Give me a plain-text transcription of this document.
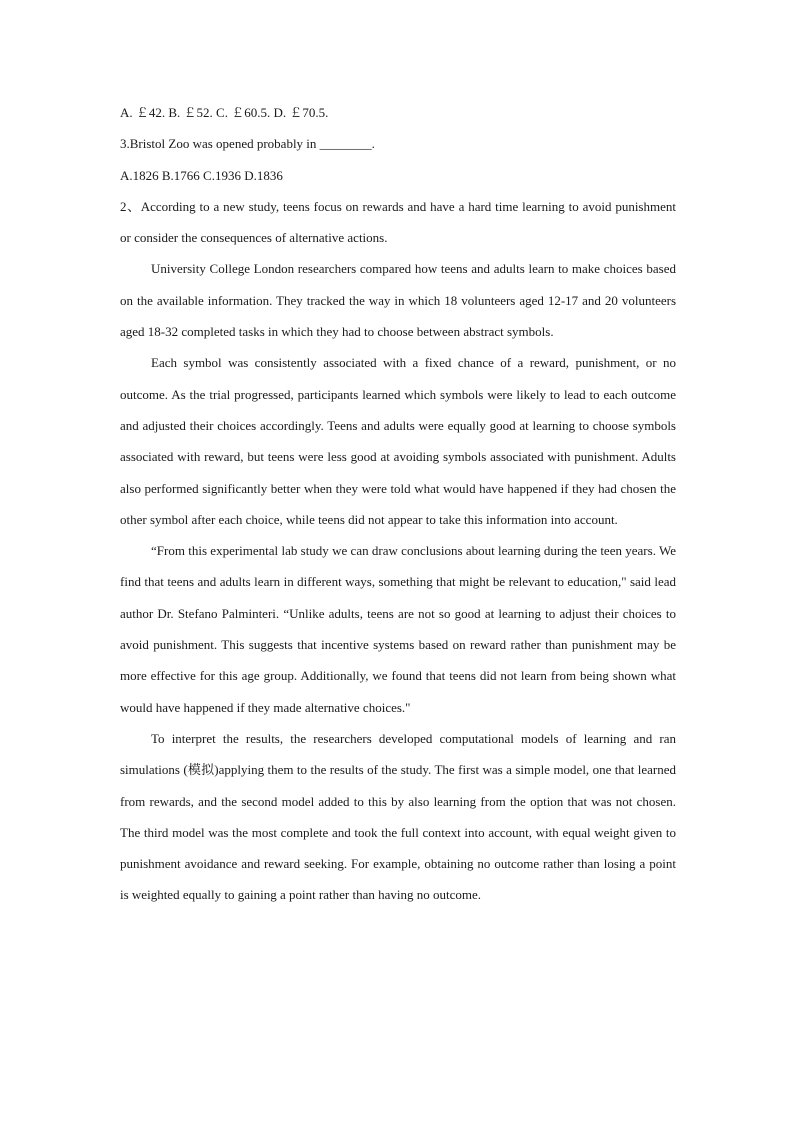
A. ￡42. B. ￡52. C. ￡60.5. D. ￡70.5.

3.Bristol Zoo was opened probably in ________.

A.1826 B.1766 C.1936 D.1836

2、According to a new study, teens focus on rewards and have a hard time learning to avoid punishment or consider the consequences of alternative actions.

University College London researchers compared how teens and adults learn to make choices based on the available information. They tracked the way in which 18 volunteers aged 12-17 and 20 volunteers aged 18-32 completed tasks in which they had to choose between abstract symbols.

Each symbol was consistently associated with a fixed chance of a reward, punishment, or no outcome. As the trial progressed, participants learned which symbols were likely to lead to each outcome and adjusted their choices accordingly. Teens and adults were equally good at learning to choose symbols associated with reward, but teens were less good at avoiding symbols associated with punishment. Adults also performed significantly better when they were told what would have happened if they had chosen the other symbol after each choice, while teens did not appear to take this information into account.

“From this experimental lab study we can draw conclusions about learning during the teen years. We find that teens and adults learn in different ways, something that might be relevant to education," said lead author Dr. Stefano Palminteri. “Unlike adults, teens are not so good at learning to adjust their choices to avoid punishment. This suggests that incentive systems based on reward rather than punishment may be more effective for this age group. Additionally, we found that teens did not learn from being shown what would have happened if they made alternative choices."

To interpret the results, the researchers developed computational models of learning and ran simulations (模拟)applying them to the results of the study. The first was a simple model, one that learned from rewards, and the second model added to this by also learning from the option that was not chosen. The third model was the most complete and took the full context into account, with equal weight given to punishment avoidance and reward seeking. For example, obtaining no outcome rather than losing a point is weighted equally to gaining a point rather than having no outcome.
